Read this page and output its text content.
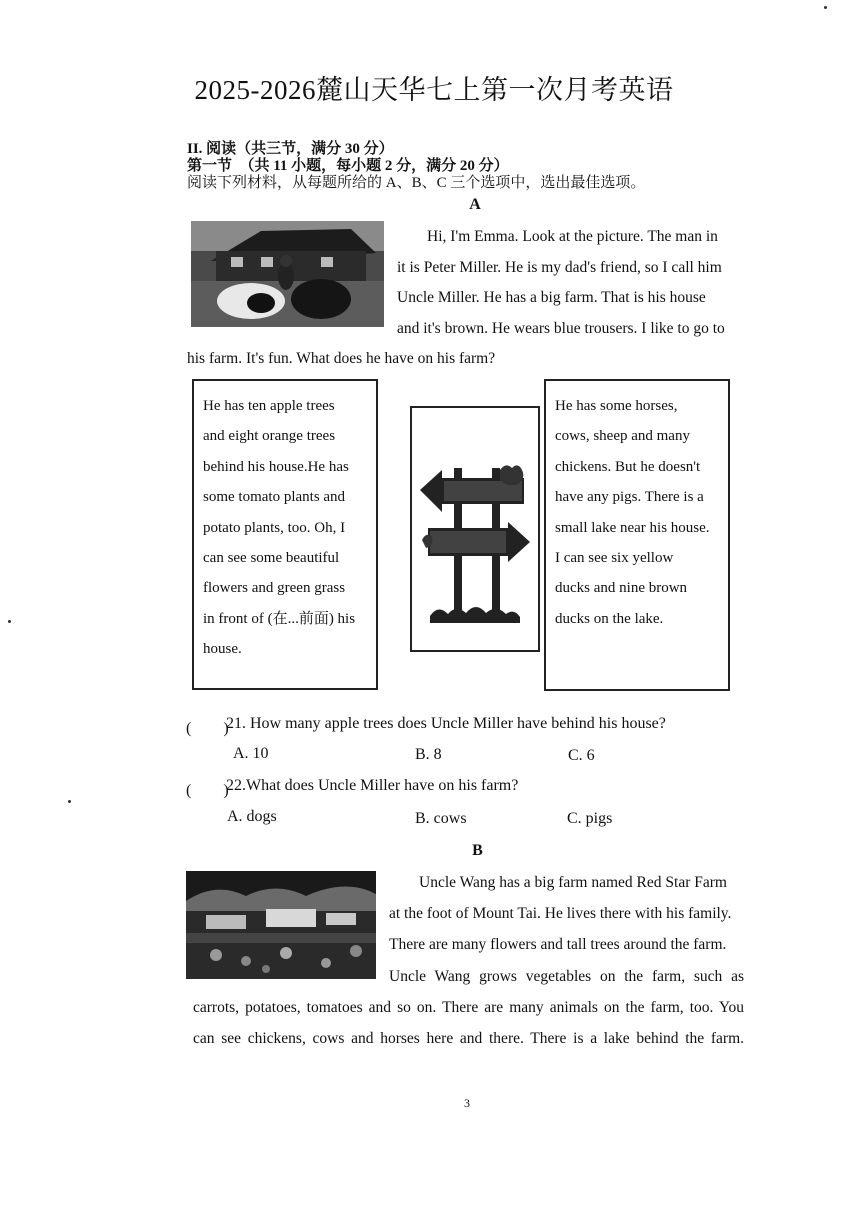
2025-2026麓山天华七上第一次月考英语
II. 阅读（共三节，满分 30 分）
第一节　（共 11 小题，每小题 2 分，满分 20 分）
阅读下列材料，从每题所给的 A、B、C 三个选项中，选出最佳选项。
A
Hi, I'm Emma. Look at the picture. The man in
it is Peter Miller. He is my dad's friend, so I call him
Uncle Miller. He has a big farm. That is his house
and it's brown. He wears blue trousers. I like to go to
his farm. It's fun. What does he have on his farm?
He has ten apple trees
and eight orange trees
behind his house.He has
some tomato plants and
potato plants, too. Oh, I
can see some beautiful
flowers and green grass
in front of (在...前面) his
house.
He has some horses,
cows, sheep and many
chickens. But he doesn't
have any pigs. There is a
small lake near his house.
I can see six yellow
ducks and nine brown
ducks on the lake.
(　　)
21. How many apple trees does Uncle Miller have behind his house?
A. 10	B. 8	C. 6
(　　)
22.What does Uncle Miller have on his farm?
A. dogs	B. cows	C. pigs
B
Uncle Wang has a big farm named Red Star Farm
at the foot of Mount Tai. He lives there with his family.
There are many flowers and tall trees around the farm.
Uncle Wang grows vegetables on the farm, such as
carrots, potatoes, tomatoes and so on. There are many animals on the farm, too. You
can see chickens, cows and horses here and there. There is a lake behind the farm.
3
